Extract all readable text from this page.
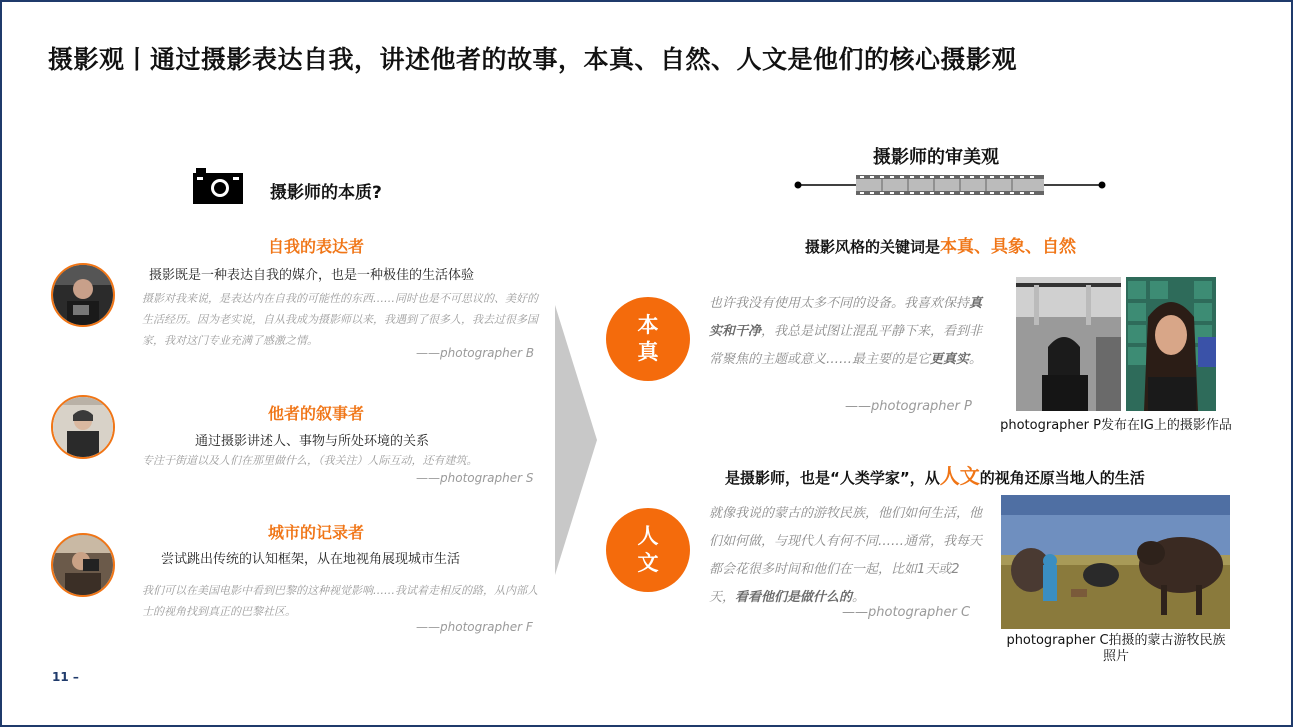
摄影观丨通过摄影表达自我，讲述他者的故事，本真、自然、人文是他们的核心摄影观
摄影师的本质?
自我的表达者
摄影既是一种表达自我的媒介，也是一种极佳的生活体验
摄影对我来说，是表达内在自我的可能性的东西……同时也是不可思议的、美好的生活经历。因为老实说，自从我成为摄影师以来，我遇到了很多人，我去过很多国家，我对这门专业充满了感激之情。
——photographer B
他者的叙事者
通过摄影讲述人、事物与所处环境的关系
专注于街道以及人们在那里做什么，（我关注）人际互动，还有建筑。
——photographer S
城市的记录者
尝试跳出传统的认知框架，从在地视角展现城市生活
我们可以在美国电影中看到巴黎的这种视觉影响……我试着走相反的路，从内部人士的视角找到真正的巴黎社区。
——photographer F
摄影师的审美观
摄影风格的关键词是本真、具象、自然
本
真
也许我没有使用太多不同的设备。我喜欢保持真实和干净，我总是试图让混乱平静下来，看到非常聚焦的主题或意义……最主要的是它更真实。
——photographer P
photographer P发布在IG上的摄影作品
是摄影师，也是“人类学家”，从人文的视角还原当地人的生活
人
文
就像我说的蒙古的游牧民族，他们如何生活，他们如何做，与现代人有何不同……通常，我每天都会花很多时间和他们在一起，比如1天或2天，看看他们是做什么的。
——photographer C
photographer C拍摄的蒙古游牧民族照片
11 –
